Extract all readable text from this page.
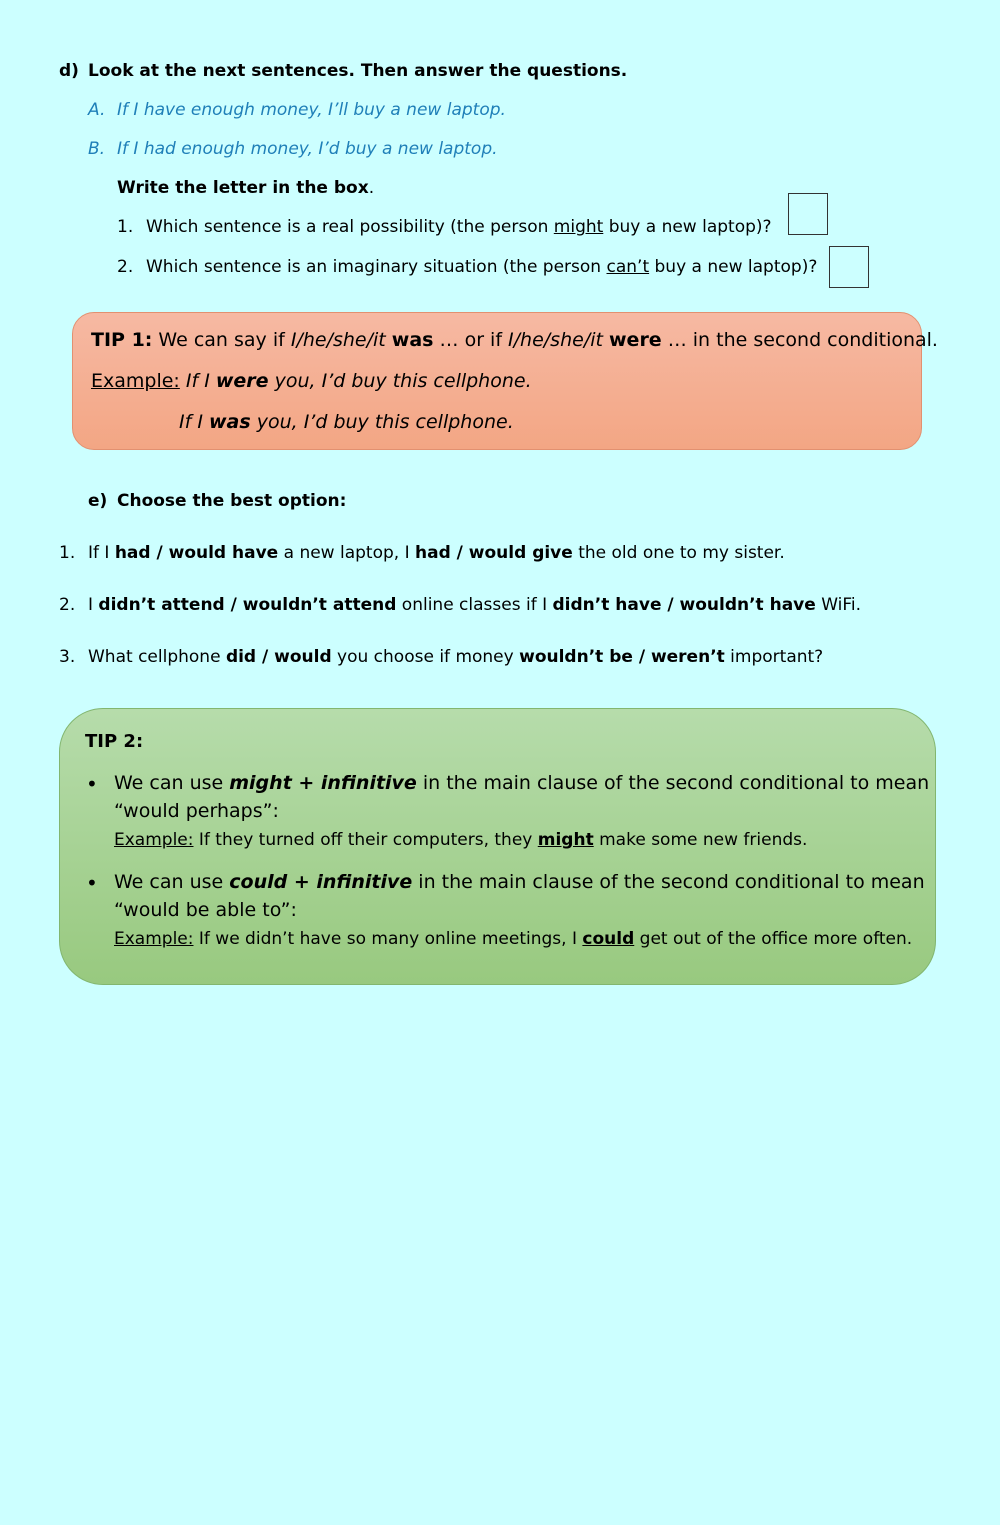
d) Look at the next sentences. Then answer the questions.
A. If I have enough money, I’ll buy a new laptop.
B. If I had enough money, I’d buy a new laptop.
Write the letter in the box.
1. Which sentence is a real possibility (the person might buy a new laptop)?
2. Which sentence is an imaginary situation (the person can’t buy a new laptop)?
TIP 1: We can say if I/he/she/it was … or if I/he/she/it were … in the second conditional.
Example: If I were you, I’d buy this cellphone.
If I was you, I’d buy this cellphone.
e) Choose the best option:
1. If I had / would have a new laptop, I had / would give the old one to my sister.
2. I didn’t attend / wouldn’t attend online classes if I didn’t have / wouldn’t have WiFi.
3. What cellphone did / would you choose if money wouldn’t be / weren’t important?
TIP 2:
• We can use might + infinitive in the main clause of the second conditional to mean
“would perhaps”:
Example: If they turned off their computers, they might make some new friends.
• We can use could + infinitive in the main clause of the second conditional to mean
“would be able to”:
Example: If we didn’t have so many online meetings, I could get out of the office more often.
